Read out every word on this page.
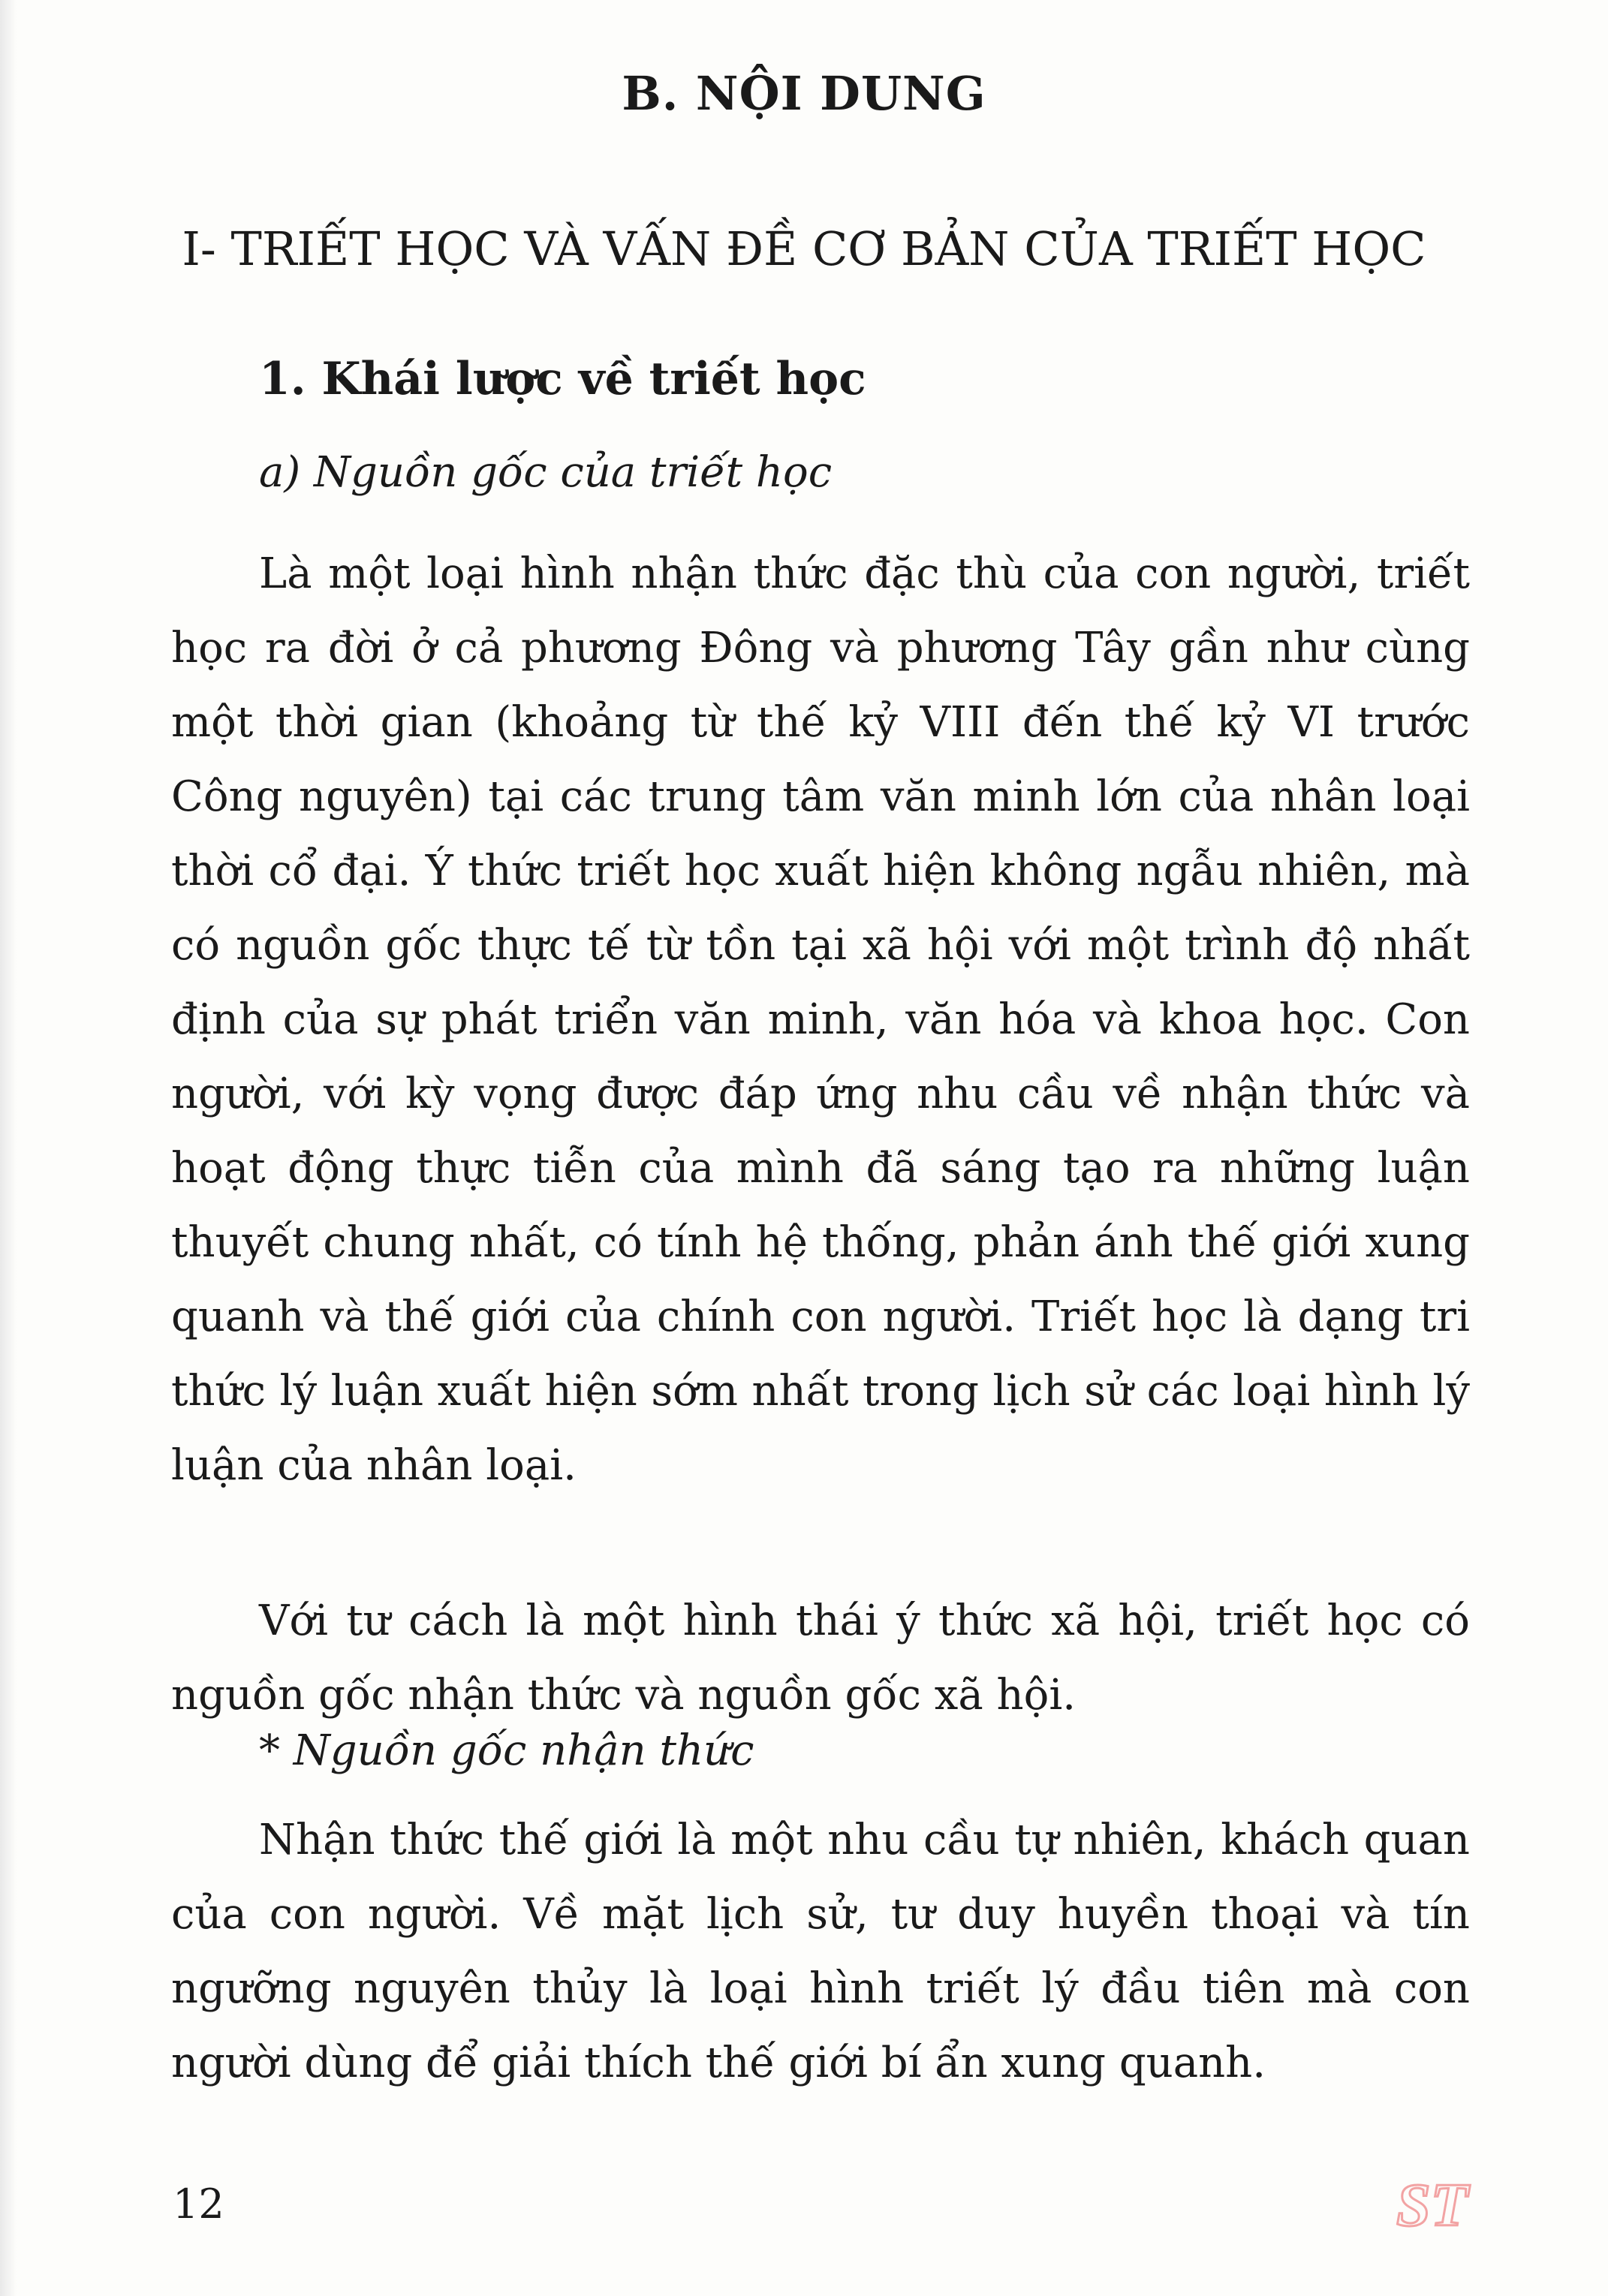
B. NỘI DUNG
I- TRIẾT HỌC VÀ VẤN ĐỀ CƠ BẢN CỦA TRIẾT HỌC
1. Khái lược về triết học
a) Nguồn gốc của triết học
Là một loại hình nhận thức đặc thù của con người, triết học ra đời ở cả phương Đông và phương Tây gần như cùng một thời gian (khoảng từ thế kỷ VIII đến thế kỷ VI trước Công nguyên) tại các trung tâm văn minh lớn của nhân loại thời cổ đại. Ý thức triết học xuất hiện không ngẫu nhiên, mà có nguồn gốc thực tế từ tồn tại xã hội với một trình độ nhất định của sự phát triển văn minh, văn hóa và khoa học. Con người, với kỳ vọng được đáp ứng nhu cầu về nhận thức và hoạt động thực tiễn của mình đã sáng tạo ra những luận thuyết chung nhất, có tính hệ thống, phản ánh thế giới xung quanh và thế giới của chính con người. Triết học là dạng tri thức lý luận xuất hiện sớm nhất trong lịch sử các loại hình lý luận của nhân loại.
Với tư cách là một hình thái ý thức xã hội, triết học có nguồn gốc nhận thức và nguồn gốc xã hội.
* Nguồn gốc nhận thức
Nhận thức thế giới là một nhu cầu tự nhiên, khách quan của con người. Về mặt lịch sử, tư duy huyền thoại và tín ngưỡng nguyên thủy là loại hình triết lý đầu tiên mà con người dùng để giải thích thế giới bí ẩn xung quanh.
12	ST
